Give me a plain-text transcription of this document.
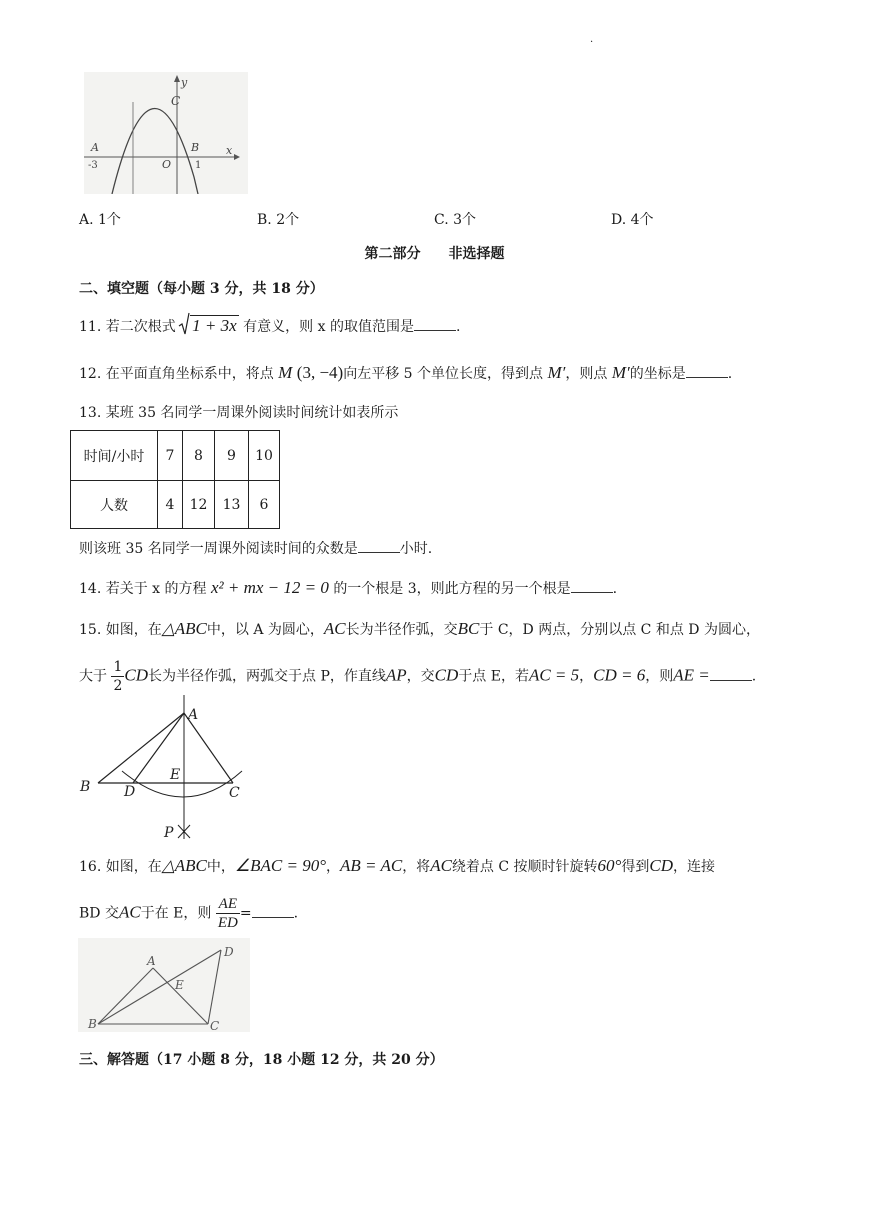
.
y
x
C
A	B
O
-3	1
A. 1个	B. 2个	C. 3个	D. 4个
第二部分　　非选择题
二、填空题（每小题 3 分，共 18 分）
11. 若二次根式 1 + 3x 有意义，则 x 的取值范围是	.
12. 在平面直角坐标系中，将点 M (3, −4)向左平移 5 个单位长度，得到点 M′，则点 M′的坐标是	.
13. 某班 35 名同学一周课外阅读时间统计如表所示
时间/小时	7	8	9	10
人数	4	12	13	6
则该班 35 名同学一周课外阅读时间的众数是	小时.
14. 若关于 x 的方程 x² + mx − 12 = 0 的一个根是 3，则此方程的另一个根是	.
15. 如图，在△ABC中，以 A 为圆心，AC长为半径作弧，交BC于 C，D 两点，分别以点 C 和点 D 为圆心，
大于 $\frac{1}{2}$ CD长为半径作弧，两弧交于点 P，作直线AP，交CD于点 E，若AC = 5，CD = 6，则AE =	.
A
B	C
D
E
P
16. 如图，在△ABC中，∠BAC = 90°，AB = AC，将AC绕着点 C 按顺时针旋转60°得到CD，连接
BD 交AC于在 E，则 $\frac{AE}{ED}$ =	.
A
B	C
D
E
三、解答题（17 小题 8 分，18 小题 12 分，共 20 分）
